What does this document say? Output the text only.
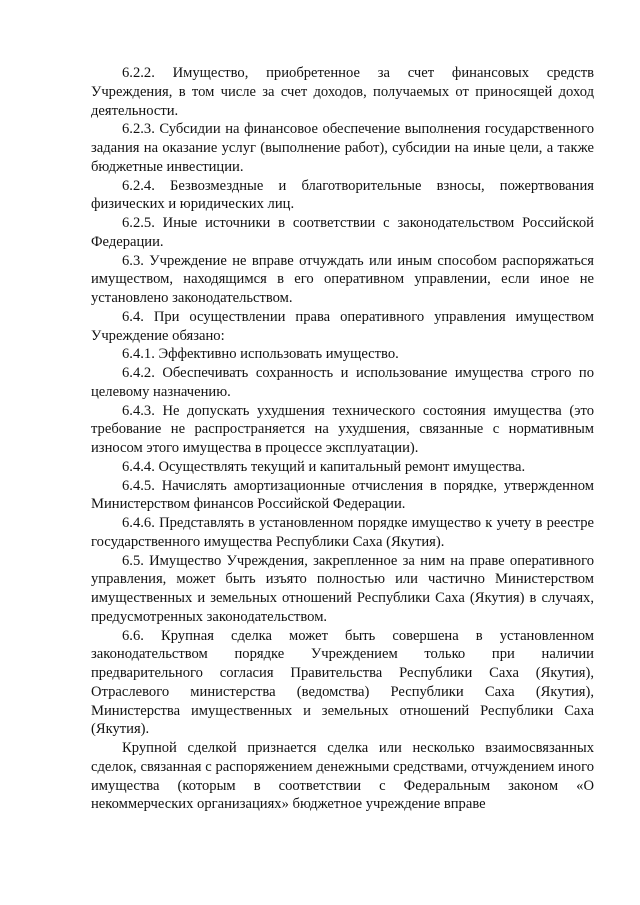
6.2.2. Имущество, приобретенное за счет финансовых средств Учреждения, в том числе за счет доходов, получаемых от приносящей доход деятельности.

6.2.3. Субсидии на финансовое обеспечение выполнения государственного задания на оказание услуг (выполнение работ), субсидии на иные цели, а также бюджетные инвестиции.

6.2.4. Безвозмездные и благотворительные взносы, пожертвования физических и юридических лиц.

6.2.5. Иные источники в соответствии с законодательством Российской Федерации.

6.3. Учреждение не вправе отчуждать или иным способом распоряжаться имуществом, находящимся в его оперативном управлении, если иное не установлено законодательством.

6.4. При осуществлении права оперативного управления имуществом Учреждение обязано:

6.4.1. Эффективно использовать имущество.

6.4.2. Обеспечивать сохранность и использование имущества строго по целевому назначению.

6.4.3. Не допускать ухудшения технического состояния имущества (это требование не распространяется на ухудшения, связанные с нормативным износом этого имущества в процессе эксплуатации).

6.4.4. Осуществлять текущий и капитальный ремонт имущества.

6.4.5. Начислять амортизационные отчисления в порядке, утвержденном Министерством финансов Российской Федерации.

6.4.6. Представлять в установленном порядке имущество к учету в реестре государственного имущества Республики Саха (Якутия).

6.5. Имущество Учреждения, закрепленное за ним на праве оперативного управления, может быть изъято полностью или частично Министерством имущественных и земельных отношений Республики Саха (Якутия) в случаях, предусмотренных законодательством.

6.6. Крупная сделка может быть совершена в установленном законодательством порядке Учреждением только при наличии предварительного согласия Правительства Республики Саха (Якутия), Отраслевого министерства (ведомства) Республики Саха (Якутия), Министерства имущественных и земельных отношений Республики Саха (Якутия).

Крупной сделкой признается сделка или несколько взаимосвязанных сделок, связанная с распоряжением денежными средствами, отчуждением иного имущества (которым в соответствии с Федеральным законом «О некоммерческих организациях» бюджетное учреждение вправе
